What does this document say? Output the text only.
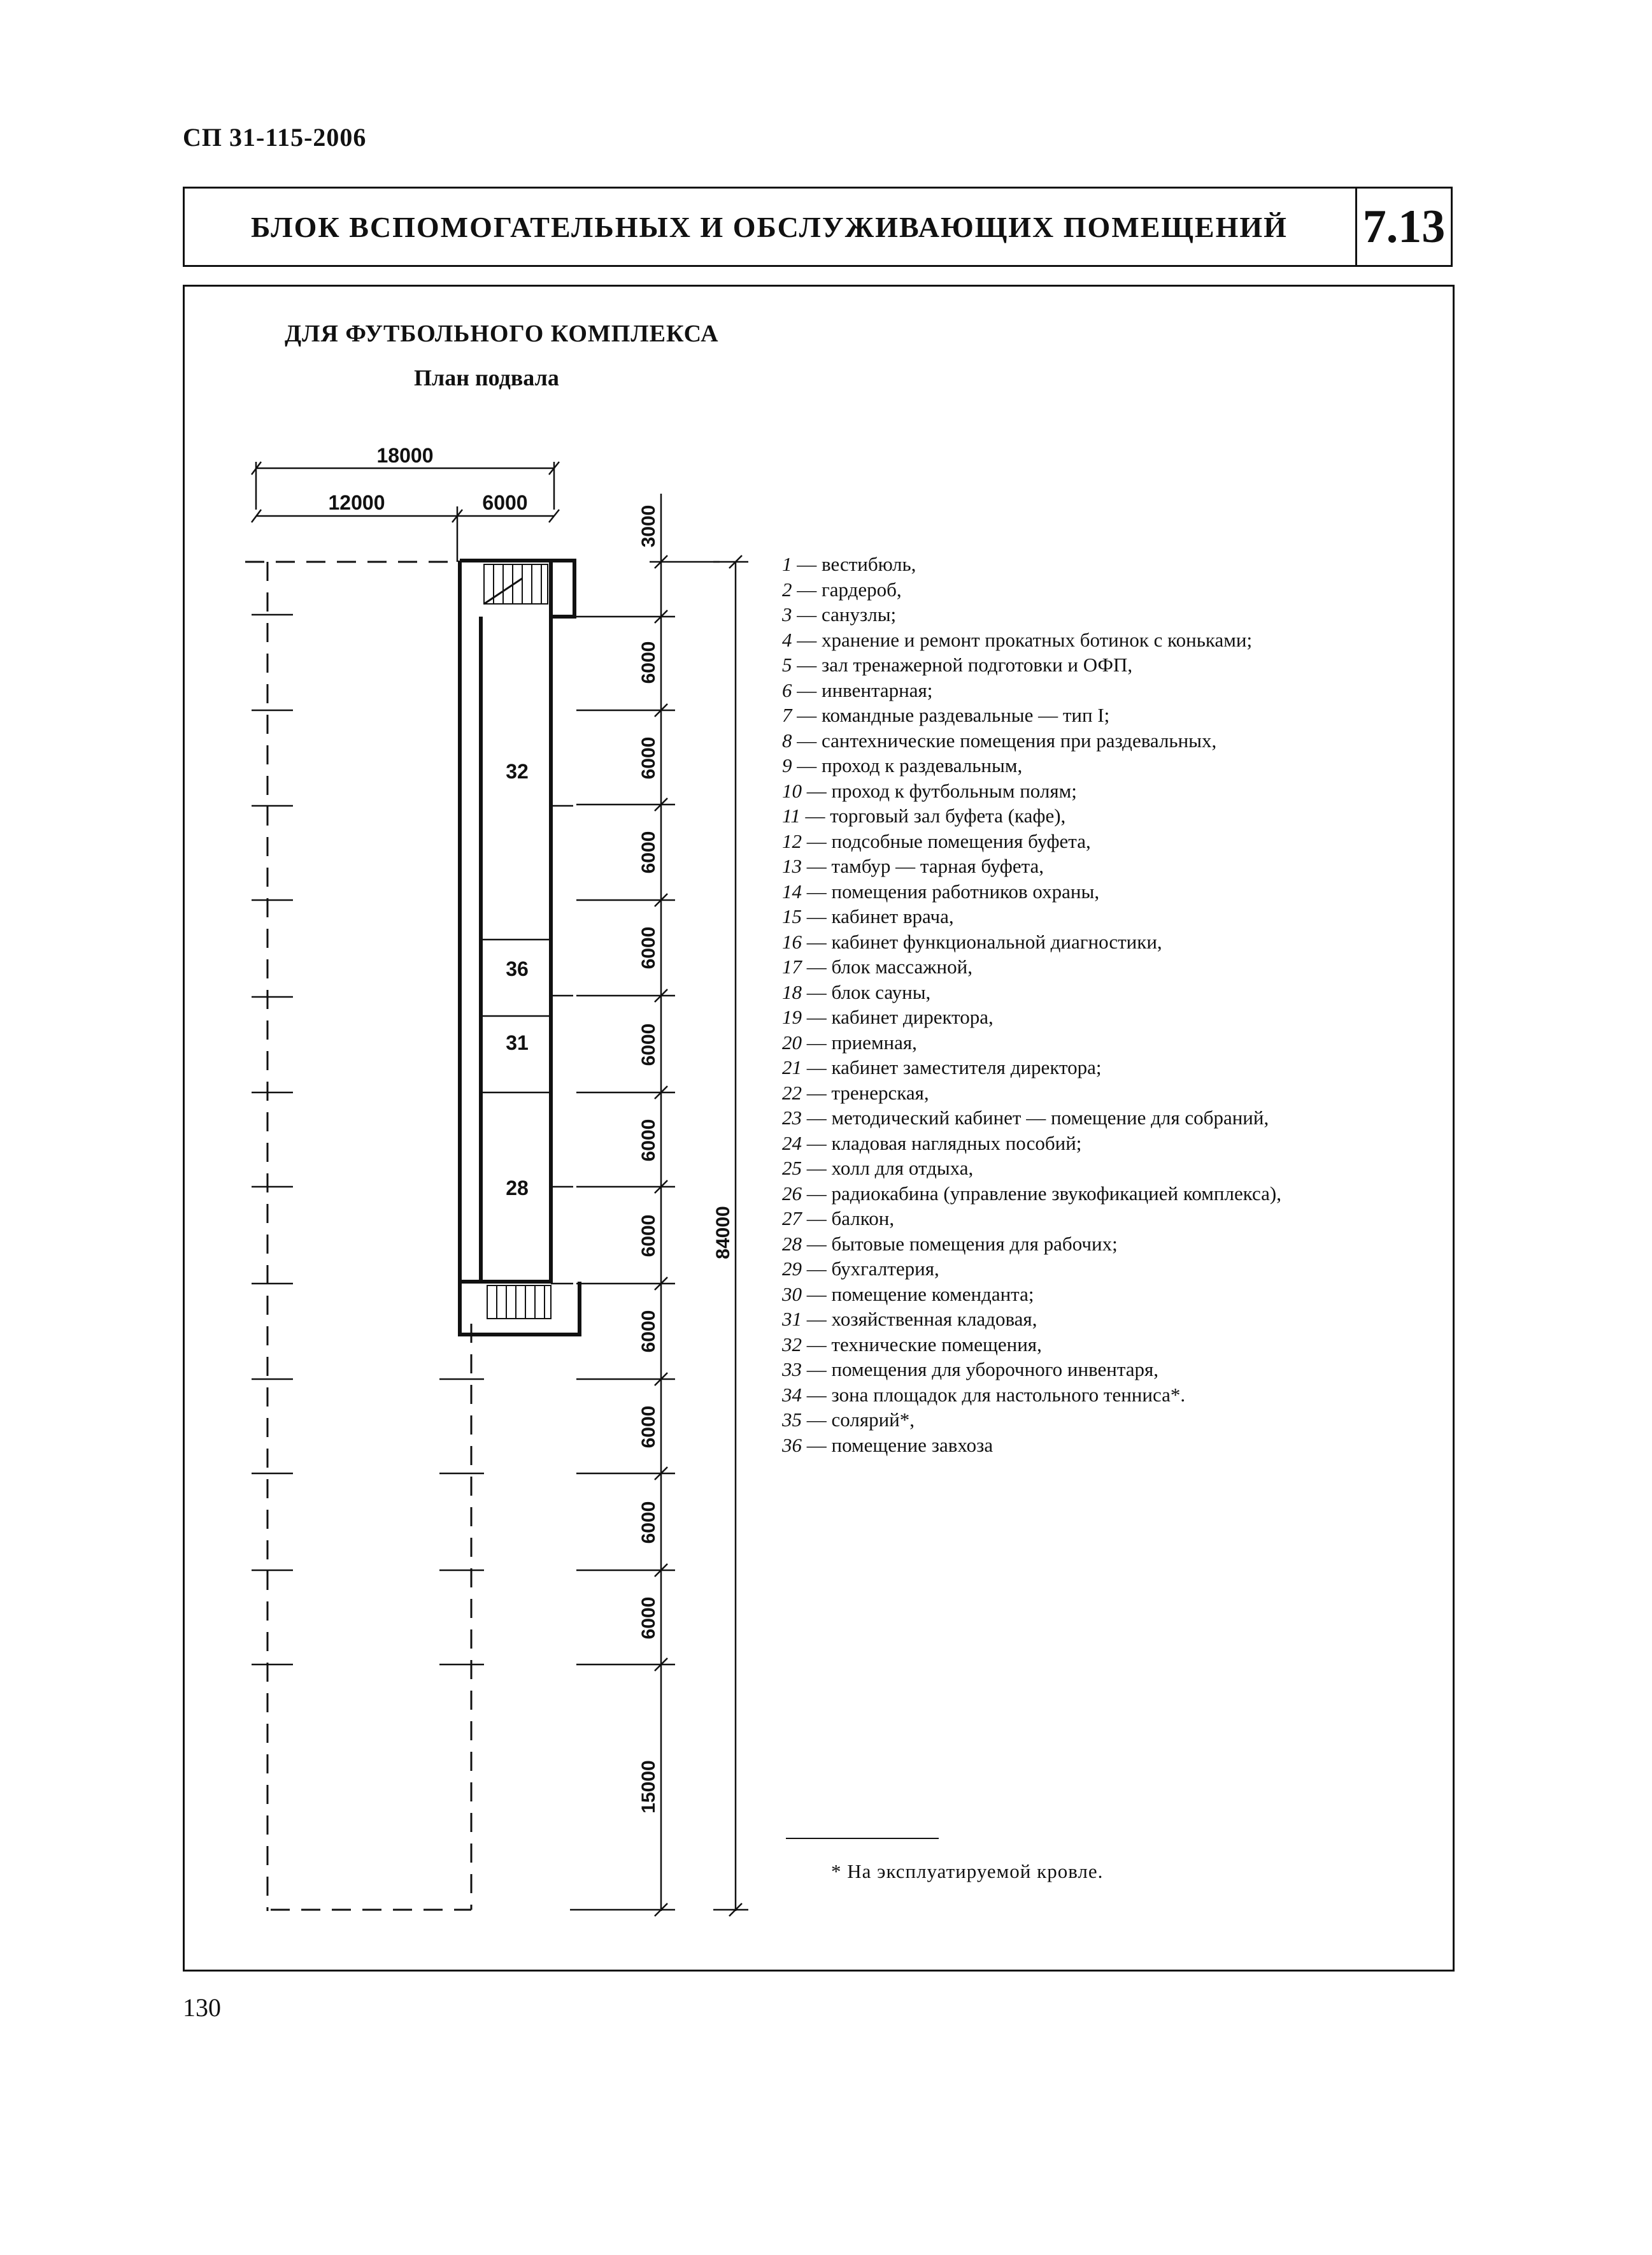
СП 31-115-2006
БЛОК ВСПОМОГАТЕЛЬНЫХ И ОБСЛУЖИВАЮЩИХ ПОМЕЩЕНИЙ	7.13
ДЛЯ ФУТБОЛЬНОГО КОМПЛЕКСА
План подвала
18000
12000	6000
32
36
31
28
3000
6000
6000
6000
6000
6000
6000
6000
6000
6000
6000
6000
15000
84000
1 — вестибюль,
2 — гардероб,
3 — санузлы;
4 — хранение и ремонт прокатных ботинок с коньками;
5 — зал тренажерной подготовки и ОФП,
6 — инвентарная;
7 — командные раздевальные — тип I;
8 — сантехнические помещения при раздевальных,
9 — проход к раздевальным,
10 — проход к футбольным полям;
11 — торговый зал буфета (кафе),
12 — подсобные помещения буфета,
13 — тамбур — тарная буфета,
14 — помещения работников охраны,
15 — кабинет врача,
16 — кабинет функциональной диагностики,
17 — блок массажной,
18 — блок сауны,
19 — кабинет директора,
20 — приемная,
21 — кабинет заместителя директора;
22 — тренерская,
23 — методический кабинет — помещение для собраний,
24 — кладовая наглядных пособий;
25 — холл для отдыха,
26 — радиокабина (управление звукофикацией комплекса),
27 — балкон,
28 — бытовые помещения для рабочих;
29 — бухгалтерия,
30 — помещение коменданта;
31 — хозяйственная кладовая,
32 — технические помещения,
33 — помещения для уборочного инвентаря,
34 — зона площадок для настольного тенниса*.
35 — солярий*,
36 — помещение завхоза
* На эксплуатируемой кровле.
130
